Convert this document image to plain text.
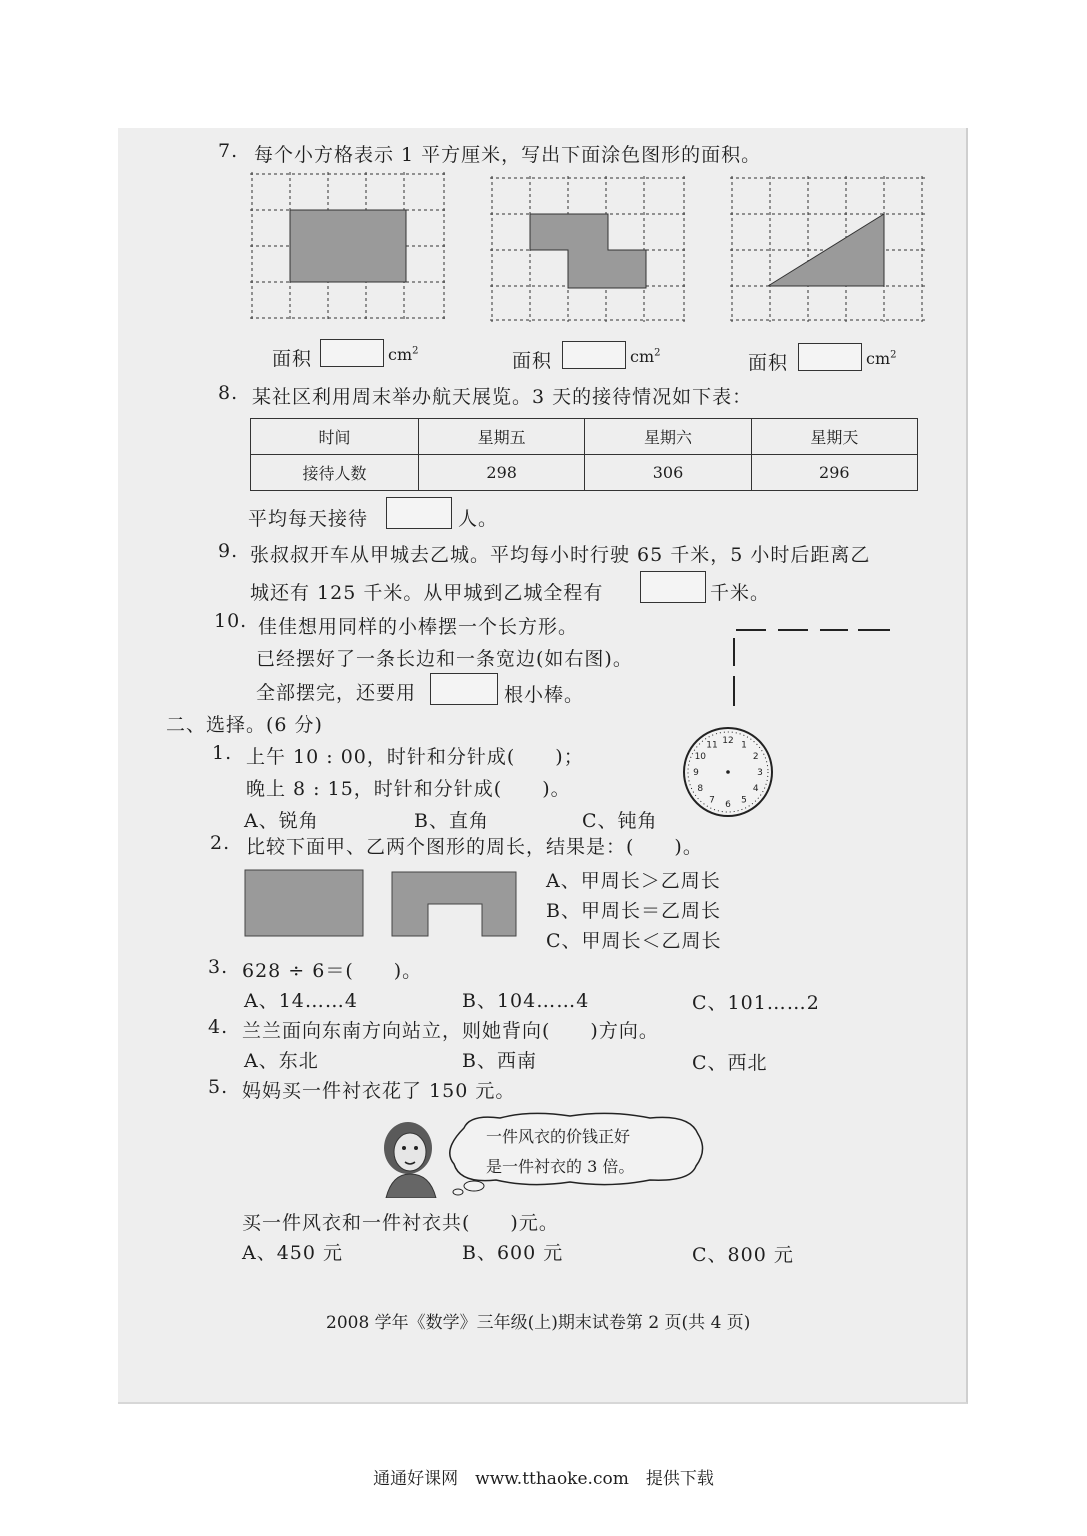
7. 每个小方格表示 1 平方厘米，写出下面涂色图形的面积。
面积	$cm^2$	面积	$cm^2$	面积	$cm^2$
8. 某社区利用周末举办航天展览。3 天的接待情况如下表：
时间	星期五	星期六	星期天
接待人数	298	306	296
平均每天接待	人。
9. 张叔叔开车从甲城去乙城。平均每小时行驶 65 千米，5 小时后距离乙
城还有 125 千米。从甲城到乙城全程有	千米。
10. 佳佳想用同样的小棒摆一个长方形。
已经摆好了一条长边和一条宽边(如右图)。
全部摆完，还要用	根小棒。
二、选择。(6 分)
1. 上午 10 : 00，时针和分针成(　　)；
晚上 8 : 15，时针和分针成(　　)。
A、锐角	B、直角	C、钝角
12 1
2
3
4
5
6
7
8
9
10
11
2. 比较下面甲、乙两个图形的周长，结果是：(　　)。
A、甲周长＞乙周长
B、甲周长＝乙周长
C、甲周长＜乙周长
3. 628 ÷ 6＝(　　)。
A、14……4	B、104……4	C、101……2
4. 兰兰面向东南方向站立，则她背向(　　)方向。
A、东北	B、西南	C、西北
5. 妈妈买一件衬衣花了 150 元。
一件风衣的价钱正好
是一件衬衣的 3 倍。
买一件风衣和一件衬衣共(　　)元。
A、450 元	B、600 元	C、800 元
2008 学年《数学》三年级(上)期末试卷第 2 页(共 4 页)
通通好课网　www.tthaoke.com　提供下载
